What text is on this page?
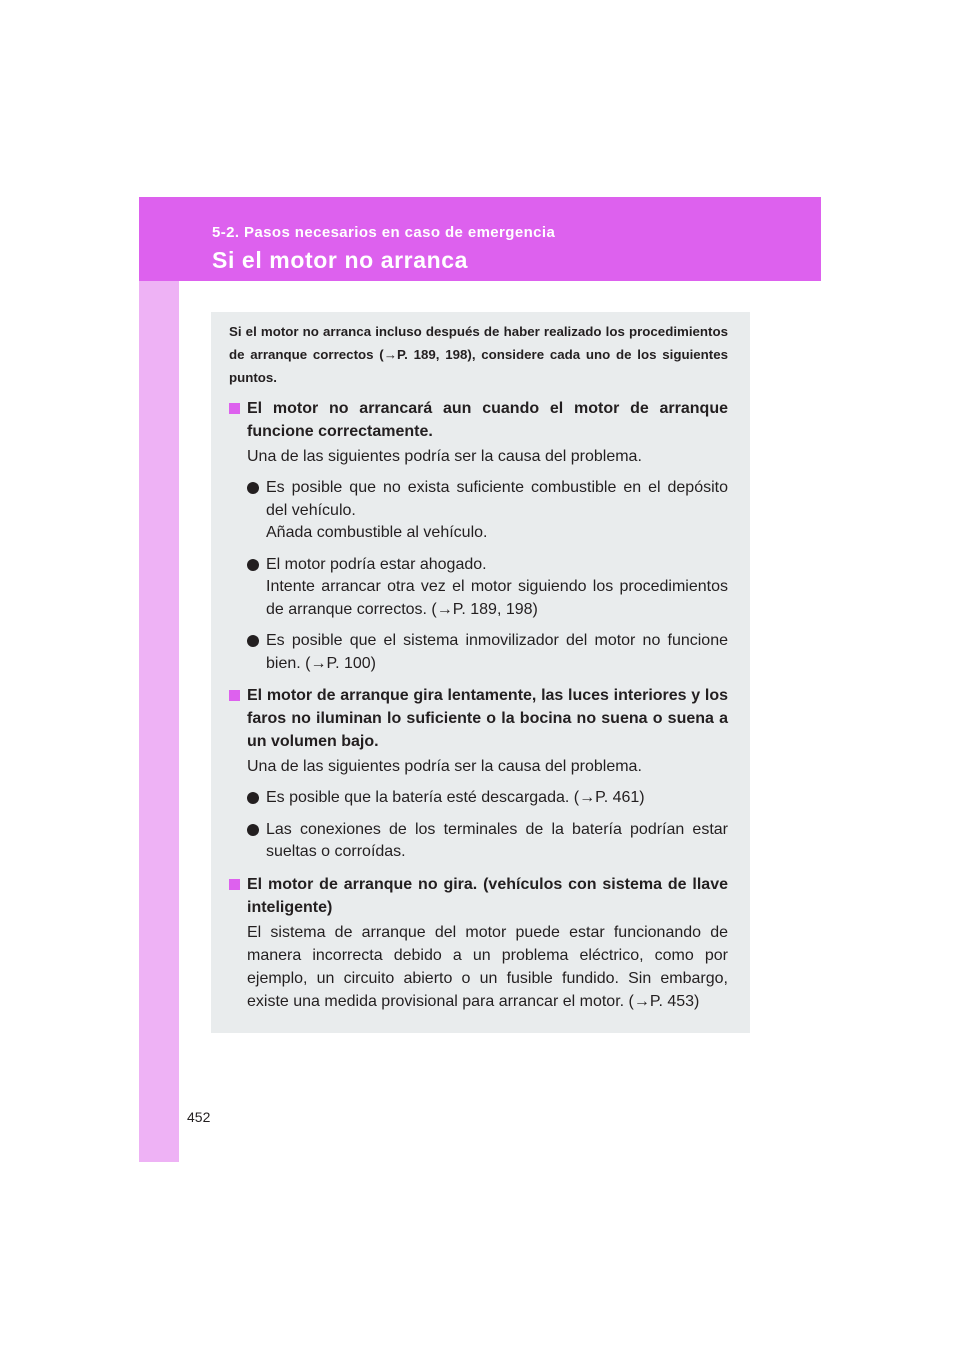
5-2. Pasos necesarios en caso de emergencia

Si el motor no arranca

Si el motor no arranca incluso después de haber realizado los procedimientos de arranque correctos (→P. 189, 198), considere cada uno de los siguientes puntos.

El motor no arrancará aun cuando el motor de arranque funcione correctamente.

Una de las siguientes podría ser la causa del problema.

Es posible que no exista suficiente combustible en el depósito del vehículo.
Añada combustible al vehículo.
El motor podría estar ahogado.
Intente arrancar otra vez el motor siguiendo los procedimientos de arranque correctos. (→P. 189, 198)
Es posible que el sistema inmovilizador del motor no funcione bien. (→P. 100)

El motor de arranque gira lentamente, las luces interiores y los faros no iluminan lo suficiente o la bocina no suena o suena a un volumen bajo.

Una de las siguientes podría ser la causa del problema.

Es posible que la batería esté descargada. (→P. 461)
Las conexiones de los terminales de la batería podrían estar sueltas o corroídas.

El motor de arranque no gira. (vehículos con sistema de llave inteligente)

El sistema de arranque del motor puede estar funcionando de manera incorrecta debido a un problema eléctrico, como por ejemplo, un circuito abierto o un fusible fundido. Sin embargo, existe una medida provisional para arrancar el motor. (→P. 453)

452
